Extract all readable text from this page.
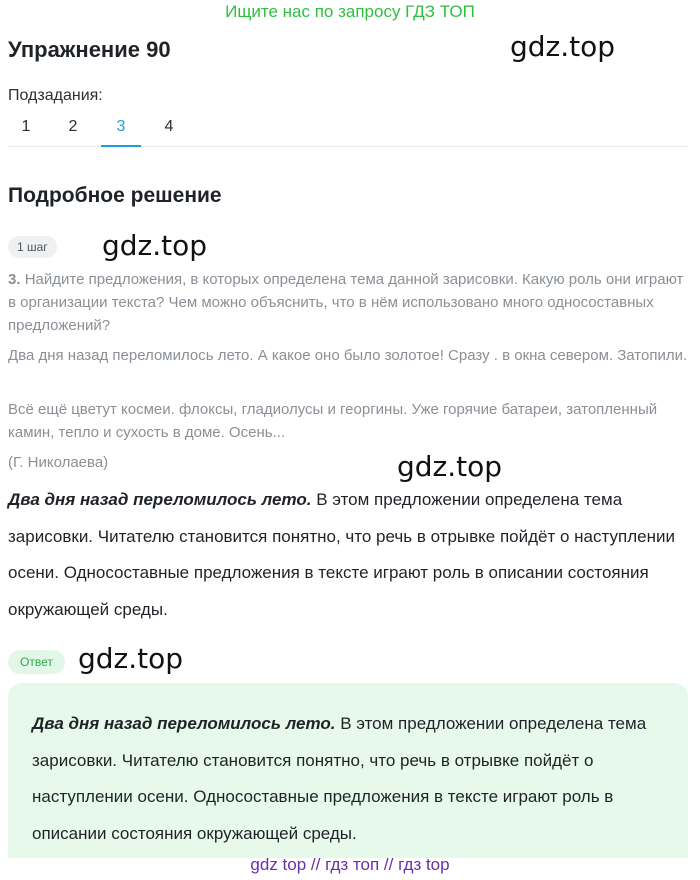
Ищите нас по запросу ГДЗ ТОП
Упражнение 90	gdz.top
Подзадания:
1	2	3	4
Подробное решение
1 шаг	gdz.top
3. Найдите предложения, в которых определена тема данной зарисовки. Какую роль они играют в организации текста? Чем можно объяснить, что в нём использовано много односоставных предложений?
Два дня назад переломилось лето. А какое оно было золотое! Сразу . в окна севером. Затопили.
Всё ещё цветут космеи. флоксы, гладиолусы и георгины. Уже горячие батареи, затопленный камин, тепло и сухость в доме. Осень...
(Г. Николаева)	gdz.top
Два дня назад переломилось лето. В этом предложении определена тема зарисовки. Читателю становится понятно, что речь в отрывке пойдёт о наступлении осени. Односоставные предложения в тексте играют роль в описании состояния окружающей среды.
Ответ gdz.top
Два дня назад переломилось лето. В этом предложении определена тема зарисовки. Читателю становится понятно, что речь в отрывке пойдёт о наступлении осени. Односоставные предложения в тексте играют роль в описании состояния окружающей среды.
gdz top // гдз топ // гдз top
